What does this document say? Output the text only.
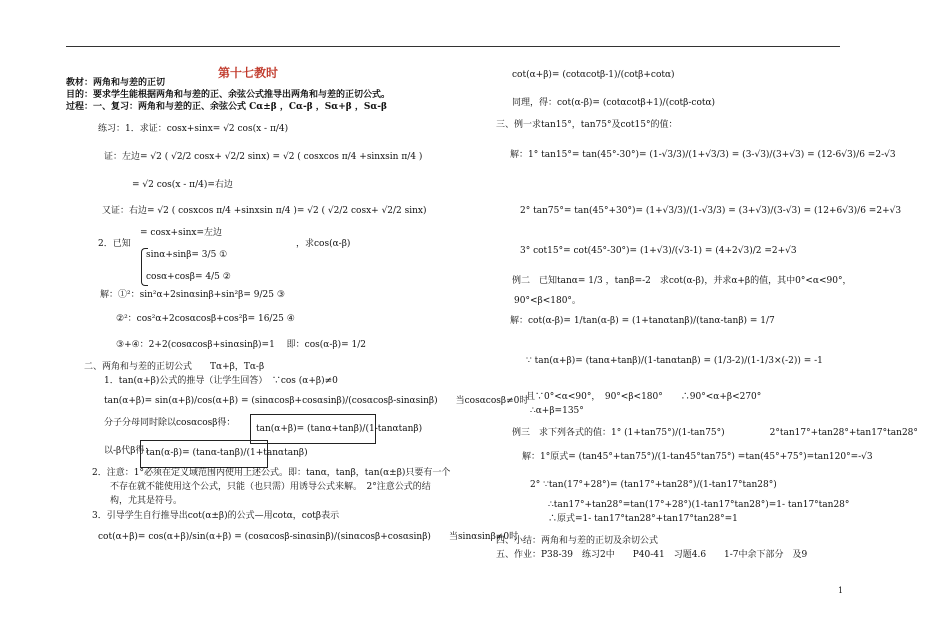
第十七教时
教材：两角和与差的正切
目的：要求学生能根据两角和与差的正、余弦公式推导出两角和与差的正切公式。
过程：一、复习：两角和与差的正、余弦公式 Cα±β ，Cα-β ，Sα+β ，Sα-β
练习：1．求证：cosx+sinx= √2 cos(x - π/4)
证：左边= √2 ( √2/2 cosx+ √2/2 sinx) = √2 ( cosxcos π/4 +sinxsin π/4 )
= √2 cos(x - π/4)=右边
又证：右边= √2 ( cosxcos π/4 +sinxsin π/4 )= √2 ( √2/2 cosx+ √2/2 sinx)
= cosx+sinx=左边
2．已知	，求cos(α-β)
sinα+sinβ= 3/5 ①
cosα+cosβ= 4/5 ②
解：①²：sin²α+2sinαsinβ+sin²β= 9/25 ③
②²：cos²α+2cosαcosβ+cos²β= 16/25 ④
③+④：2+2(cosαcosβ+sinαsinβ)=1　 即：cos(α-β)= 1/2
二、两角和与差的正切公式　　Tα+β，Tα-β
1．tan(α+β)公式的推导（让学生回答）　∵cos (α+β)≠0
tan(α+β)= sin(α+β)/cos(α+β) = (sinαcosβ+cosαsinβ)/(cosαcosβ-sinαsinβ)　　当cosαcosβ≠0时
分子分母同时除以cosαcosβ得：
tan(α+β)= (tanα+tanβ)/(1-tanαtanβ)
以-β代β得：
tan(α-β)= (tanα-tanβ)/(1+tanαtanβ)
2．注意：1°必须在定义域范围内使用上述公式。即：tanα，tanβ，tan(α±β)只要有一个
不存在就不能使用这个公式，只能（也只需）用诱导公式来解。　2°注意公式的结
构，尤其是符号。
3．引导学生自行推导出cot(α±β)的公式—用cotα，cotβ表示
cot(α+β)= cos(α+β)/sin(α+β) = (cosαcosβ-sinαsinβ)/(sinαcosβ+cosαsinβ)　　当sinαsinβ≠0时
cot(α+β)= (cotαcotβ-1)/(cotβ+cotα)
同理，得：cot(α-β)= (cotαcotβ+1)/(cotβ-cotα)
三、例一求tan15°，tan75°及cot15°的值：
解：1° tan15°= tan(45°-30°)= (1-√3/3)/(1+√3/3) = (3-√3)/(3+√3) = (12-6√3)/6 =2-√3
2° tan75°= tan(45°+30°)= (1+√3/3)/(1-√3/3) = (3+√3)/(3-√3) = (12+6√3)/6 =2+√3
3° cot15°= cot(45°-30°)= (1+√3)/(√3-1) = (4+2√3)/2 =2+√3
例二　已知tanα= 1/3 ，tanβ=-2　求cot(α-β)，并求α+β的值，其中0°<α<90°，
90°<β<180°。
解：cot(α-β)= 1/tan(α-β) = (1+tanαtanβ)/(tanα-tanβ) = 1/7
∵ tan(α+β)= (tanα+tanβ)/(1-tanαtanβ) = (1/3-2)/(1-1/3×(-2)) = -1
且∵0°<α<90°，　90°<β<180°　　∴90°<α+β<270°
∴α+β=135°
例三　求下列各式的值：1° (1+tan75°)/(1-tan75°)　　　　　2°tan17°+tan28°+tan17°tan28°
解：1°原式= (tan45°+tan75°)/(1-tan45°tan75°) =tan(45°+75°)=tan120°=-√3
2° ∵tan(17°+28°)= (tan17°+tan28°)/(1-tan17°tan28°)
∴tan17°+tan28°=tan(17°+28°)(1-tan17°tan28°)=1- tan17°tan28°
∴原式=1- tan17°tan28°+tan17°tan28°=1
四、小结：两角和与差的正切及余切公式
五、作业：P38-39　练习2中　　P40-41　习题4.6　　1-7中余下部分　及9
1
